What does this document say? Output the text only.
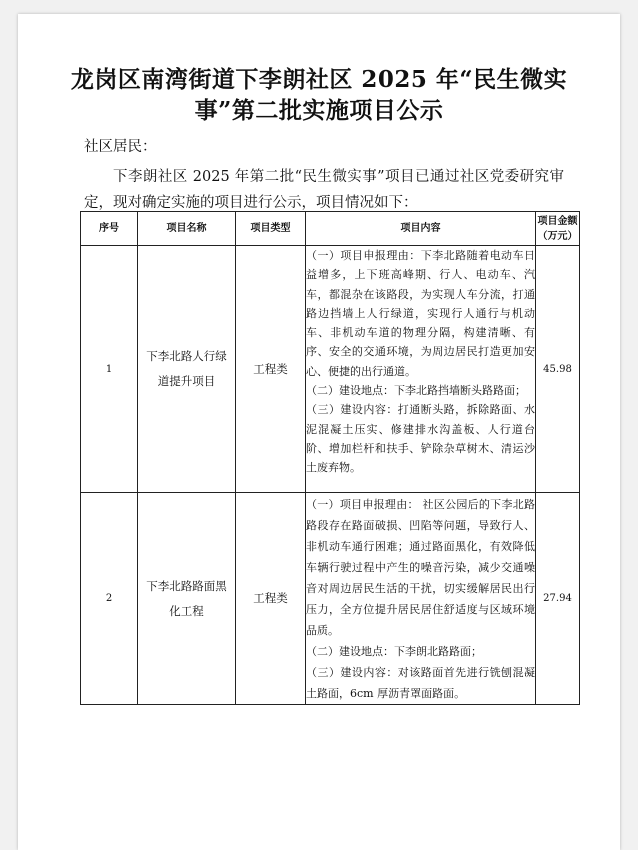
龙岗区南湾街道下李朗社区 2025 年“民生微实
事”第二批实施项目公示
社区居民：
下李朗社区 2025 年第二批“民生微实事”项目已通过社区党委研究审定，现对确定实施的项目进行公示，项目情况如下：
序号	项目名称	项目类型	项目内容	项目金额
（万元）

1	下李北路人行绿道提升项目	工程类	（一）项目申报理由：下李北路随着电动车日益增多，上下班高峰期、行人、电动车、汽车，都混杂在该路段，为实现人车分流，打通路边挡墙上人行绿道，实现行人通行与机动车、非机动车道的物理分隔，构建清晰、有序、安全的交通环境，为周边居民打造更加安心、便捷的出行通道。

（二）建设地点：下李北路挡墙断头路路面；

（三）建设内容：打通断头路，拆除路面、水泥混凝土压实、修建排水沟盖板、人行道台阶、增加栏杆和扶手、铲除杂草树木、清运沙土废弃物。	45.98
2	下李北路路面黑化工程	工程类	（一）项目申报理由： 社区公园后的下李北路路段存在路面破损、凹陷等问题，导致行人、非机动车通行困难；通过路面黑化，有效降低车辆行驶过程中产生的噪音污染，减少交通噪音对周边居民生活的干扰，切实缓解居民出行压力，全方位提升居民居住舒适度与区域环境品质。

（二）建设地点：下李朗北路路面；

（三）建设内容：对该路面首先进行铣刨混凝土路面，6cm 厚沥青罩面路面。	27.94
